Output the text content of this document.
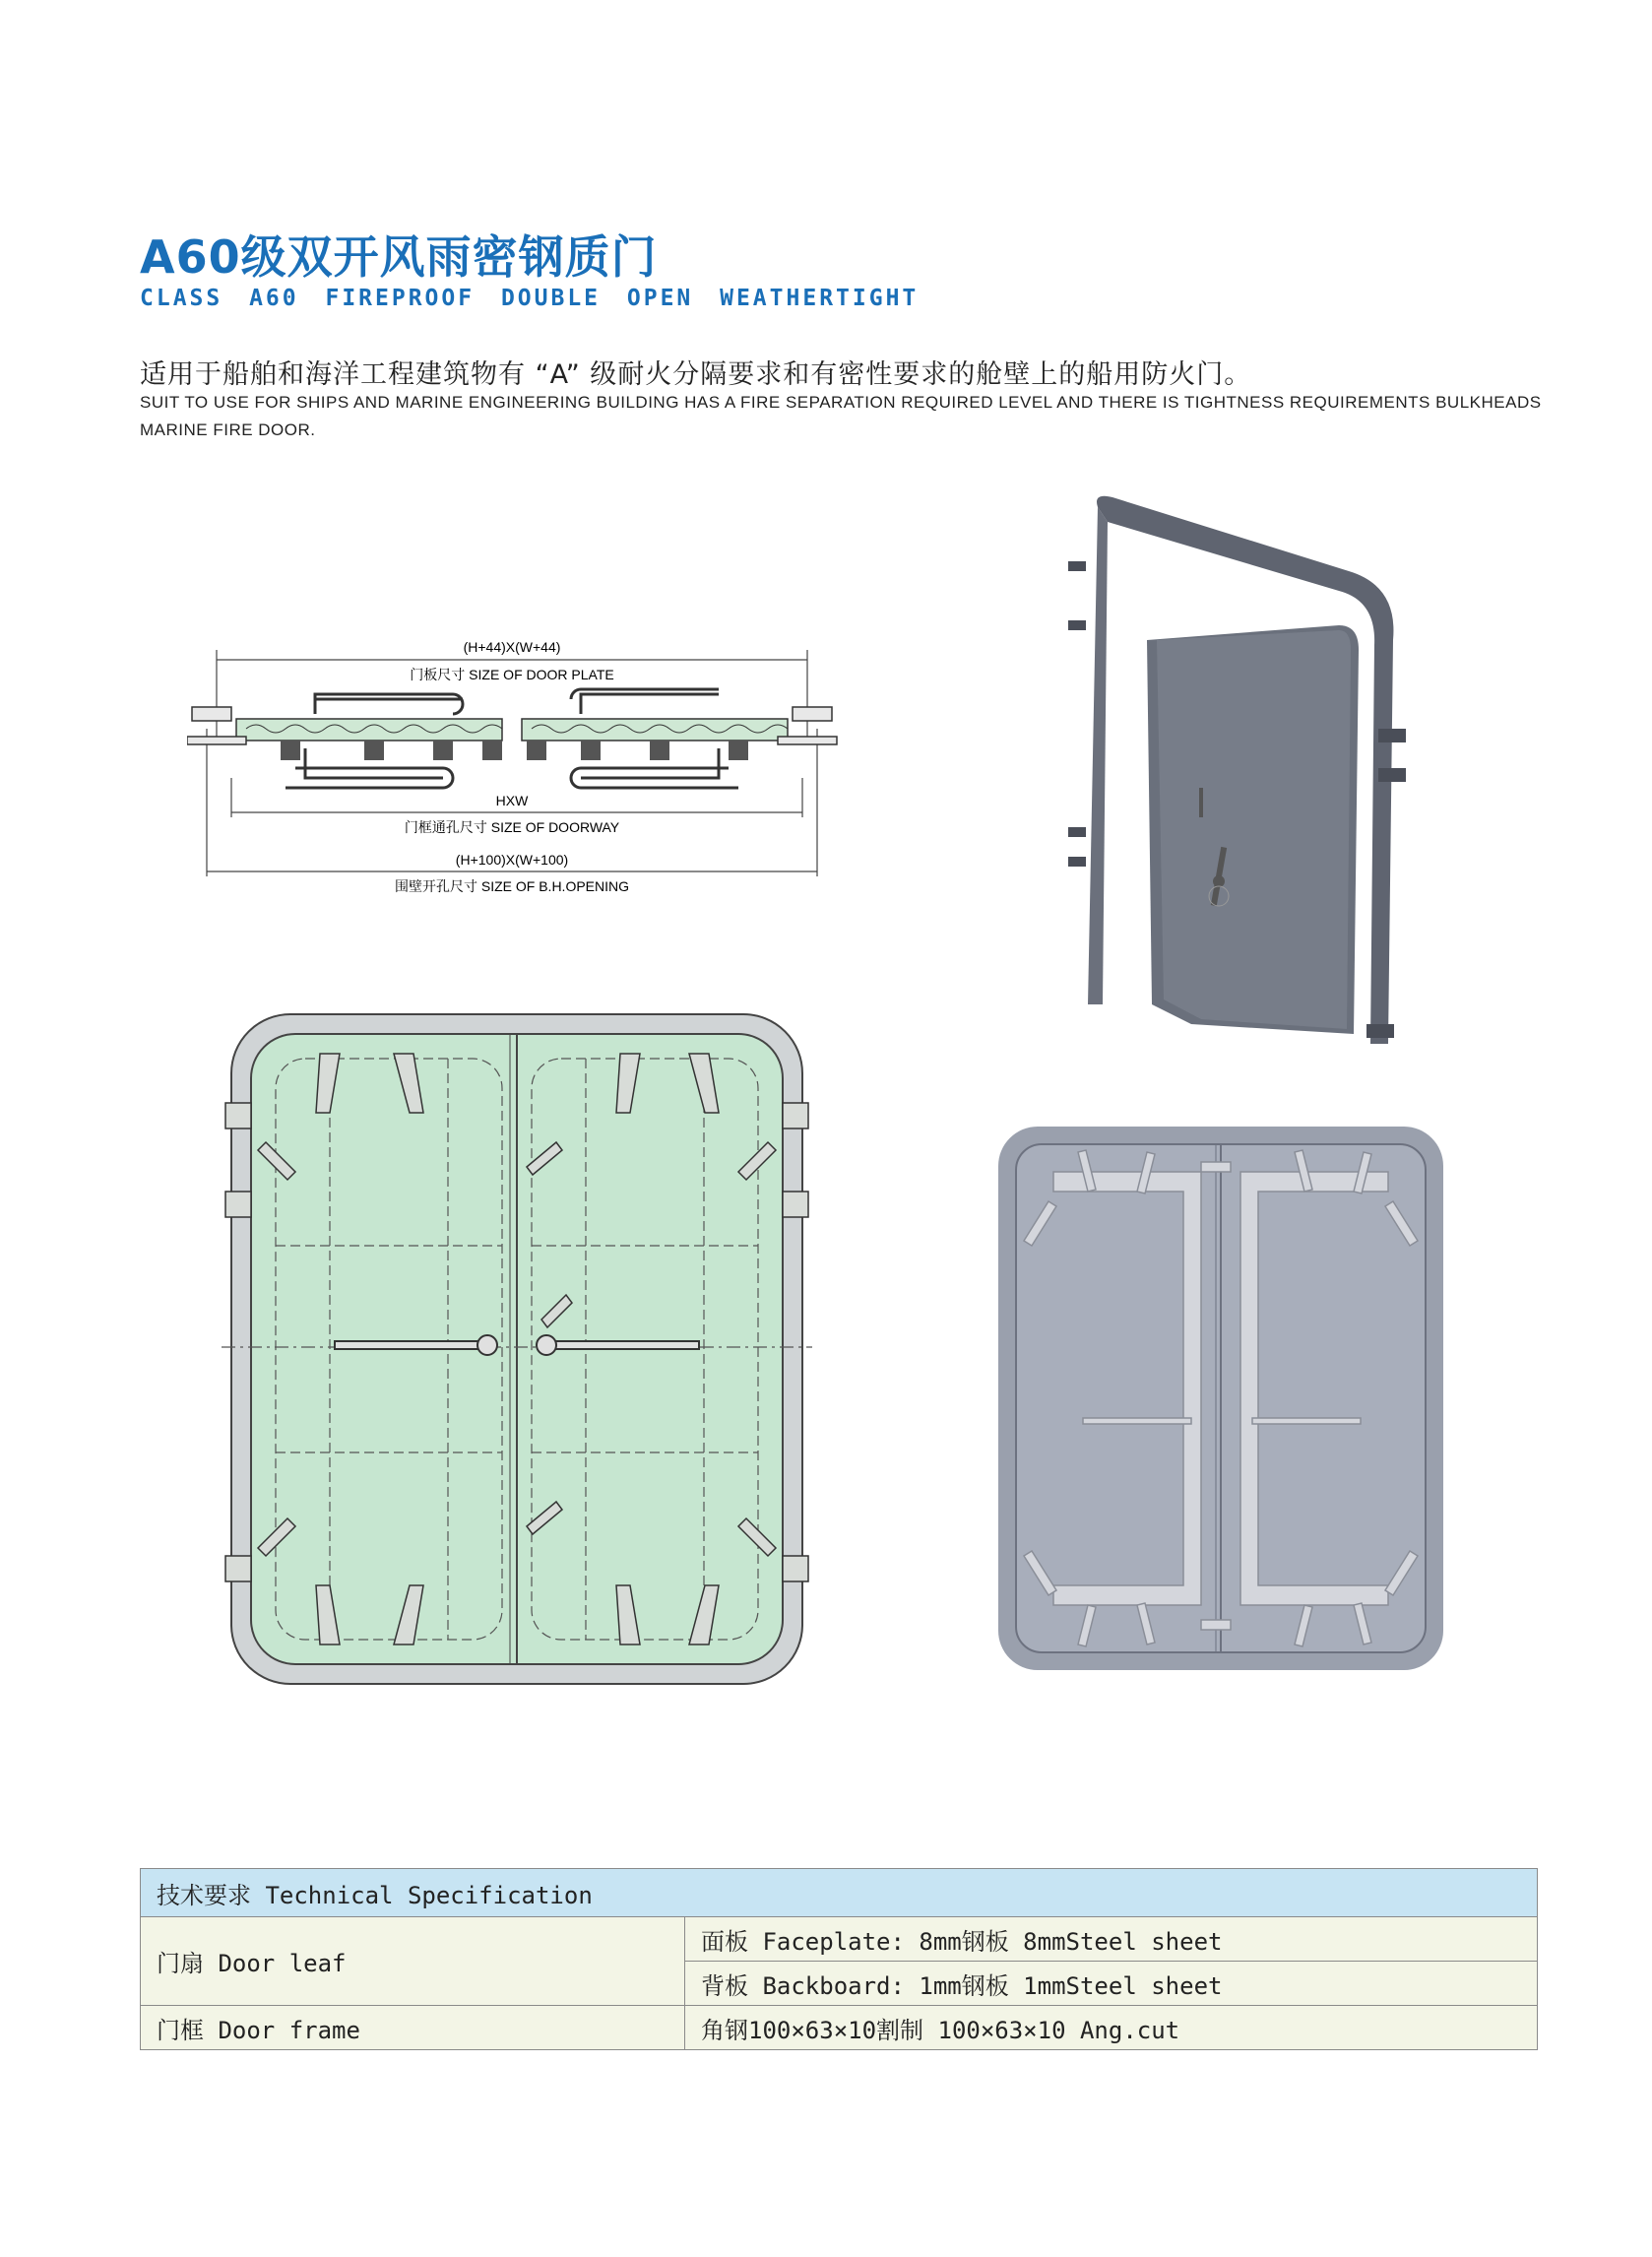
A60级双开风雨密钢质门
CLASS A60 FIREPROOF DOUBLE OPEN WEATHERTIGHT
适用于船舶和海洋工程建筑物有 “A” 级耐火分隔要求和有密性要求的舱壁上的船用防火门。
SUIT TO USE FOR SHIPS AND MARINE ENGINEERING BUILDING HAS A FIRE SEPARATION REQUIRED LEVEL AND THERE IS TIGHTNESS REQUIREMENTS BULKHEADS MARINE FIRE DOOR.
(H+44)X(W+44)
门板尺寸 SIZE OF DOOR PLATE
HXW
门框通孔尺寸 SIZE OF DOORWAY
(H+100)X(W+100)
围壁开孔尺寸 SIZE OF B.H.OPENING
技术要求 Technical Specification	
门扇 Door leaf	面板 Faceplate: 8mm钢板 8mmSteel sheet
	背板 Backboard: 1mm钢板 1mmSteel sheet
门框 Door frame	角钢100×63×10割制 100×63×10 Ang.cut
